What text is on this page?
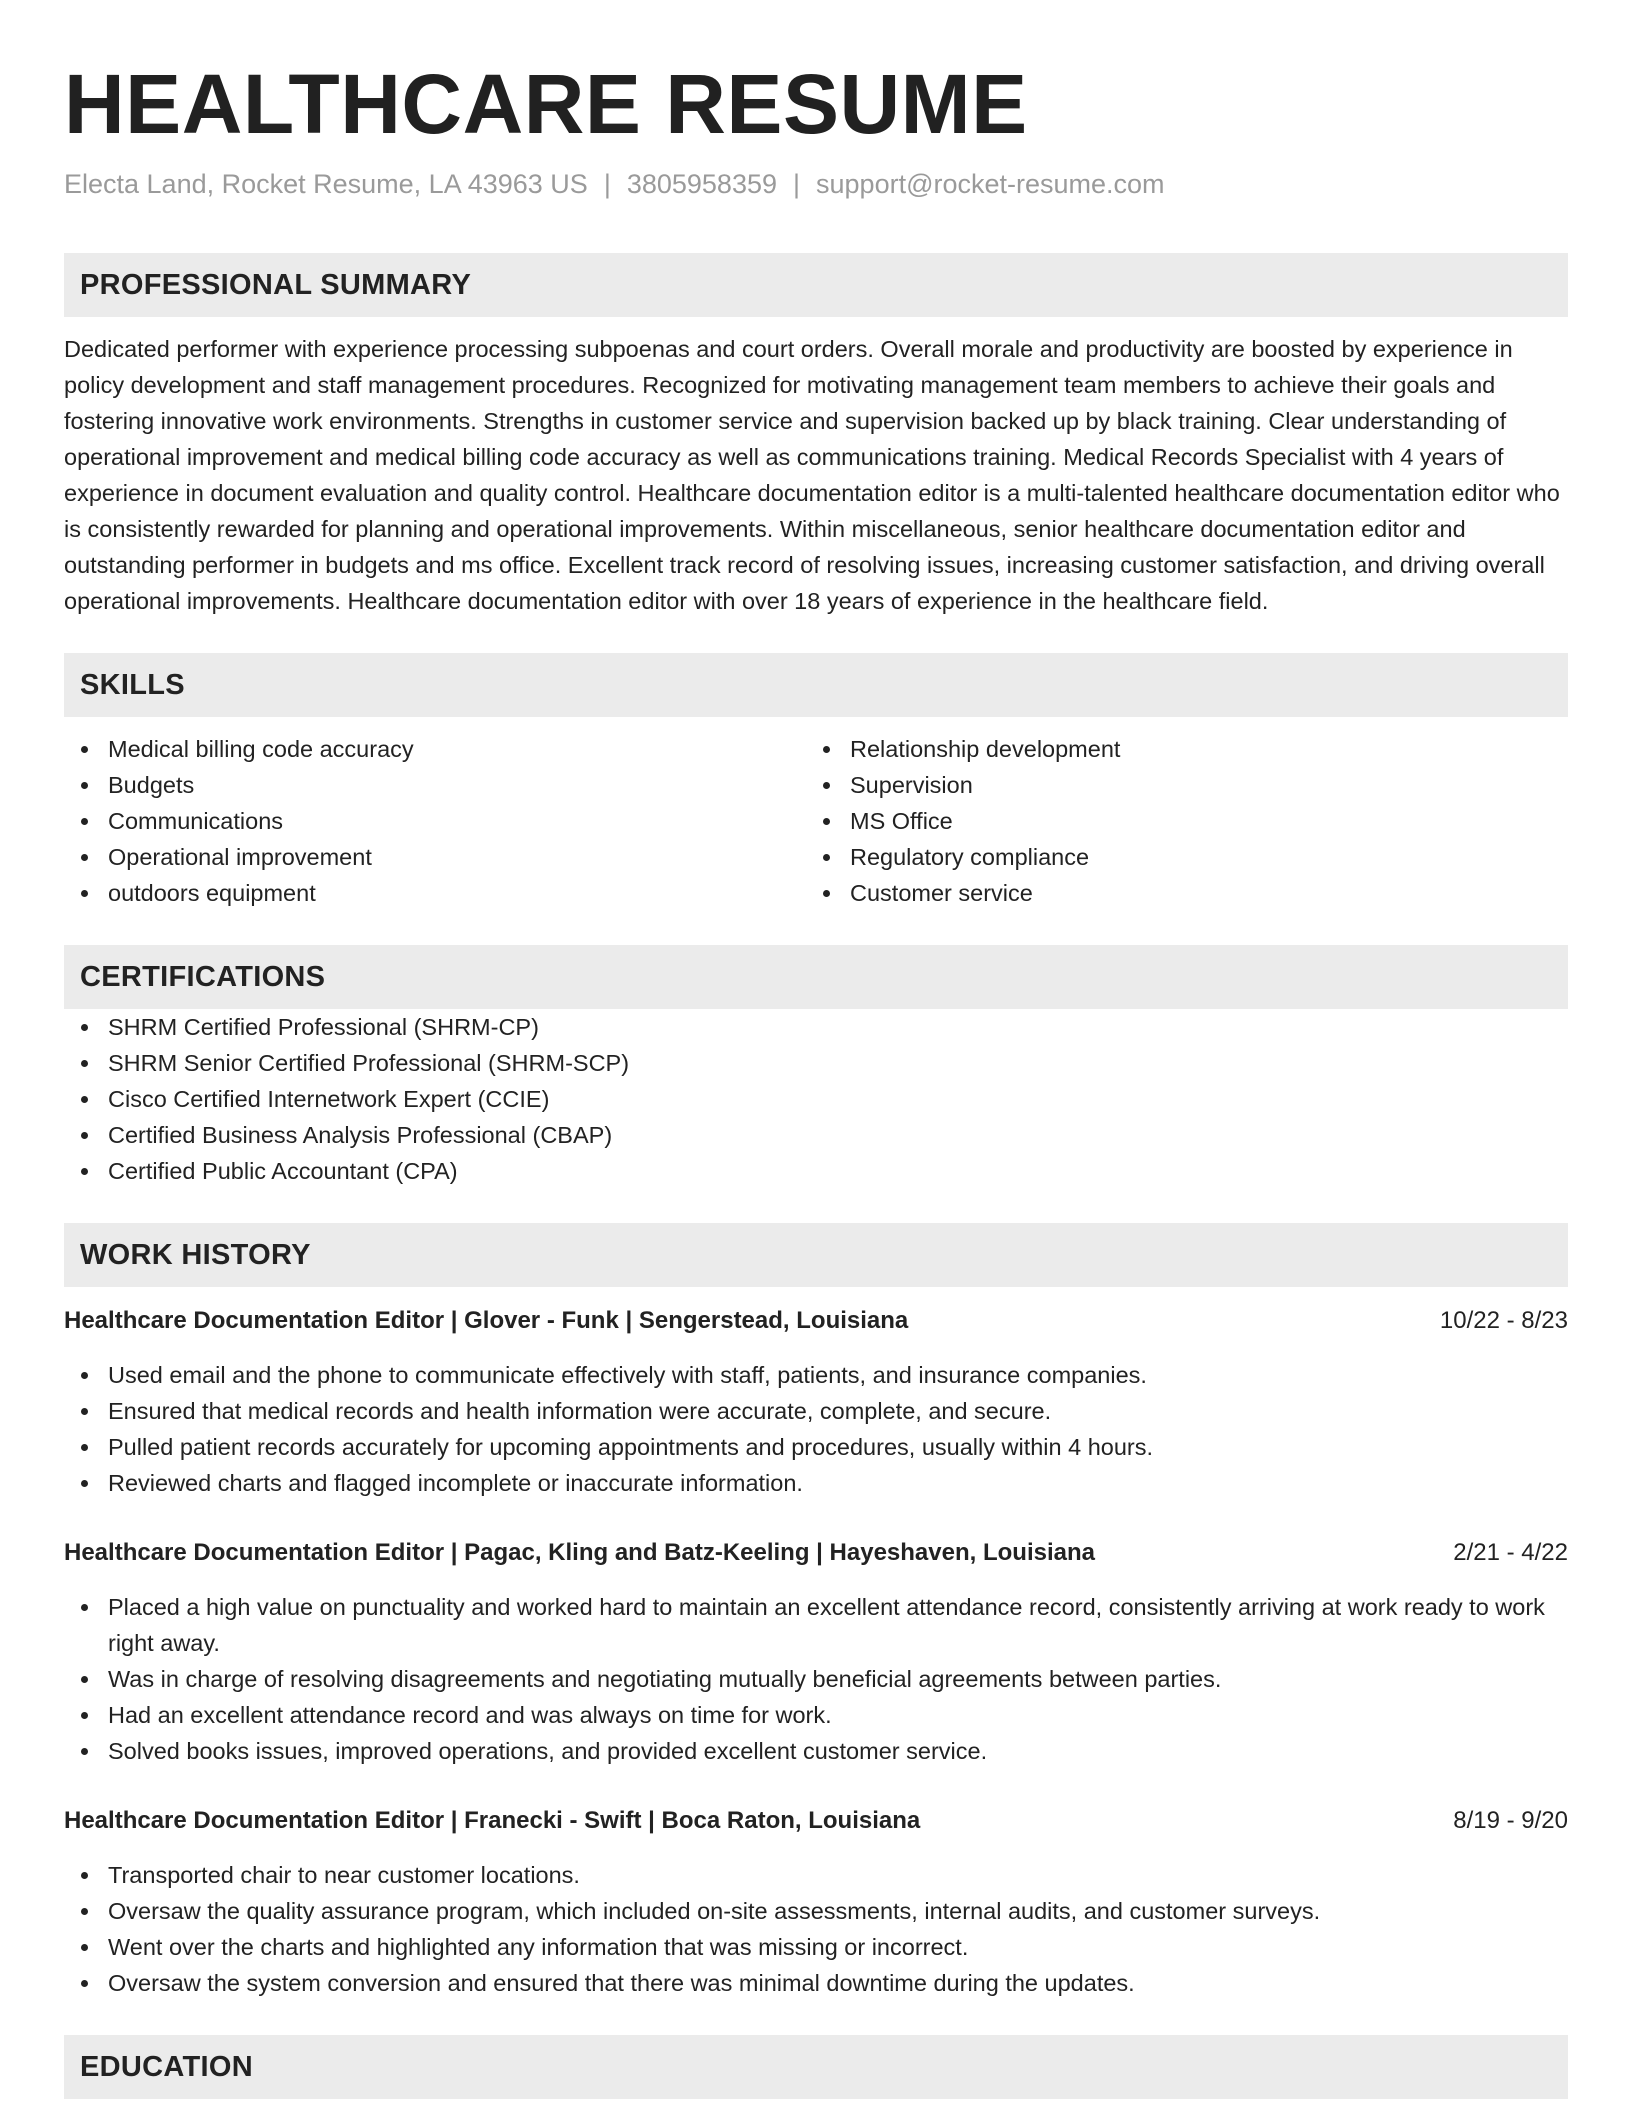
HEALTHCARE RESUME
Electa Land, Rocket Resume, LA 43963 US | 3805958359 | support@rocket-resume.com
PROFESSIONAL SUMMARY
Dedicated performer with experience processing subpoenas and court orders. Overall morale and productivity are boosted by experience in policy development and staff management procedures. Recognized for motivating management team members to achieve their goals and fostering innovative work environments. Strengths in customer service and supervision backed up by black training. Clear understanding of operational improvement and medical billing code accuracy as well as communications training. Medical Records Specialist with 4 years of experience in document evaluation and quality control. Healthcare documentation editor is a multi-talented healthcare documentation editor who is consistently rewarded for planning and operational improvements. Within miscellaneous, senior healthcare documentation editor and outstanding performer in budgets and ms office. Excellent track record of resolving issues, increasing customer satisfaction, and driving overall operational improvements. Healthcare documentation editor with over 18 years of experience in the healthcare field.
SKILLS
Medical billing code accuracy
Budgets
Communications
Operational improvement
outdoors equipment
Relationship development
Supervision
MS Office
Regulatory compliance
Customer service
CERTIFICATIONS
SHRM Certified Professional (SHRM-CP)
SHRM Senior Certified Professional (SHRM-SCP)
Cisco Certified Internetwork Expert (CCIE)
Certified Business Analysis Professional (CBAP)
Certified Public Accountant (CPA)
WORK HISTORY
Healthcare Documentation Editor | Glover - Funk | Sengerstead, Louisiana	10/22 - 8/23
Used email and the phone to communicate effectively with staff, patients, and insurance companies.
Ensured that medical records and health information were accurate, complete, and secure.
Pulled patient records accurately for upcoming appointments and procedures, usually within 4 hours.
Reviewed charts and flagged incomplete or inaccurate information.
Healthcare Documentation Editor | Pagac, Kling and Batz-Keeling | Hayeshaven, Louisiana	2/21 - 4/22
Placed a high value on punctuality and worked hard to maintain an excellent attendance record, consistently arriving at work ready to work right away.
Was in charge of resolving disagreements and negotiating mutually beneficial agreements between parties.
Had an excellent attendance record and was always on time for work.
Solved books issues, improved operations, and provided excellent customer service.
Healthcare Documentation Editor | Franecki - Swift | Boca Raton, Louisiana	8/19 - 9/20
Transported chair to near customer locations.
Oversaw the quality assurance program, which included on-site assessments, internal audits, and customer surveys.
Went over the charts and highlighted any information that was missing or incorrect.
Oversaw the system conversion and ensured that there was minimal downtime during the updates.
EDUCATION
